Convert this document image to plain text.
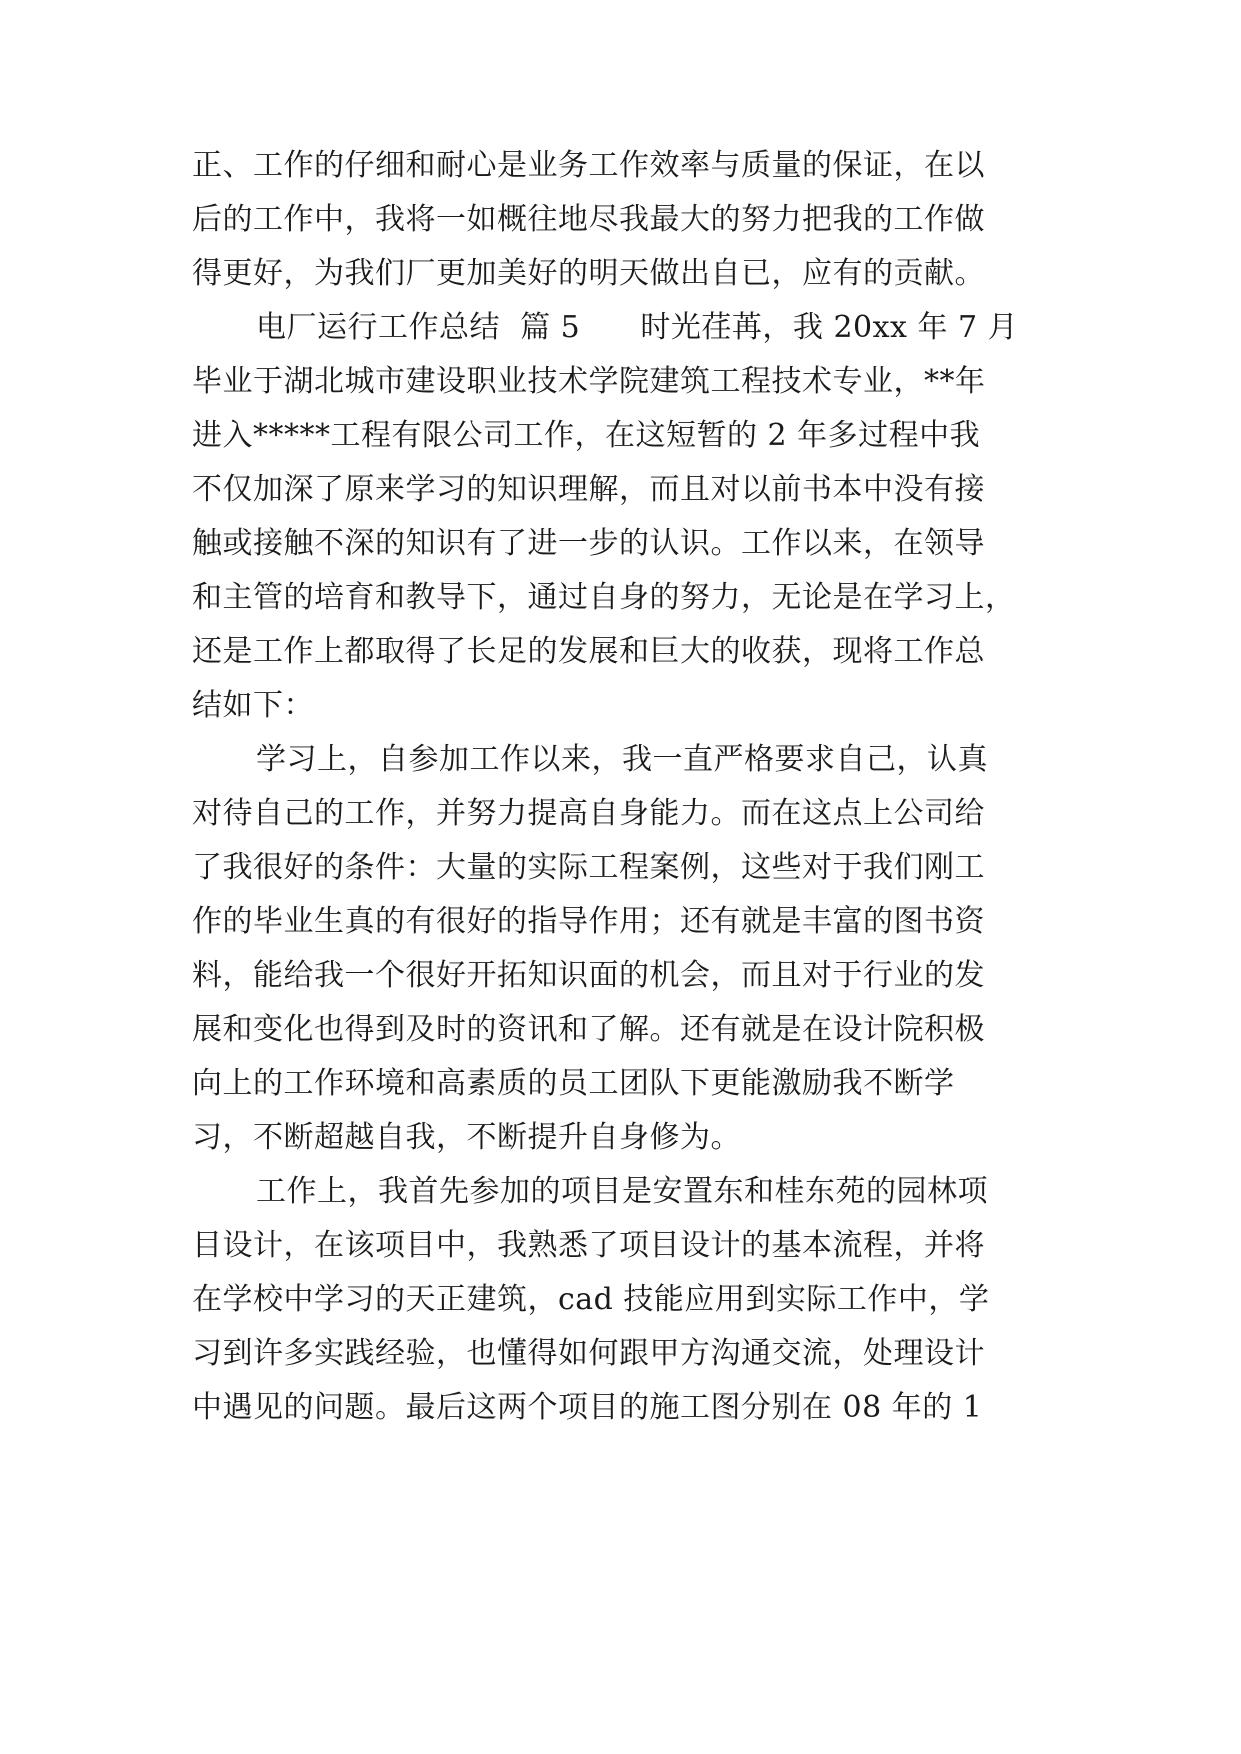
正、工作的仔细和耐心是业务工作效率与质量的保证，在以
后的工作中，我将一如概往地尽我最大的努力把我的工作做
得更好，为我们厂更加美好的明天做出自已，应有的贡献。
电厂运行工作总结  篇 5      时光荏苒，我 20xx 年 7 月
毕业于湖北城市建设职业技术学院建筑工程技术专业，**年
进入*****工程有限公司工作，在这短暂的 2 年多过程中我
不仅加深了原来学习的知识理解，而且对以前书本中没有接
触或接触不深的知识有了进一步的认识。工作以来，在领导
和主管的培育和教导下，通过自身的努力，无论是在学习上，
还是工作上都取得了长足的发展和巨大的收获，现将工作总
结如下：
学习上，自参加工作以来，我一直严格要求自己，认真
对待自己的工作，并努力提高自身能力。而在这点上公司给
了我很好的条件：大量的实际工程案例，这些对于我们刚工
作的毕业生真的有很好的指导作用；还有就是丰富的图书资
料，能给我一个很好开拓知识面的机会，而且对于行业的发
展和变化也得到及时的资讯和了解。还有就是在设计院积极
向上的工作环境和高素质的员工团队下更能激励我不断学
习，不断超越自我，不断提升自身修为。
工作上，我首先参加的项目是安置东和桂东苑的园林项
目设计，在该项目中，我熟悉了项目设计的基本流程，并将
在学校中学习的天正建筑，cad 技能应用到实际工作中，学
习到许多实践经验，也懂得如何跟甲方沟通交流，处理设计
中遇见的问题。最后这两个项目的施工图分别在 08 年的 1
